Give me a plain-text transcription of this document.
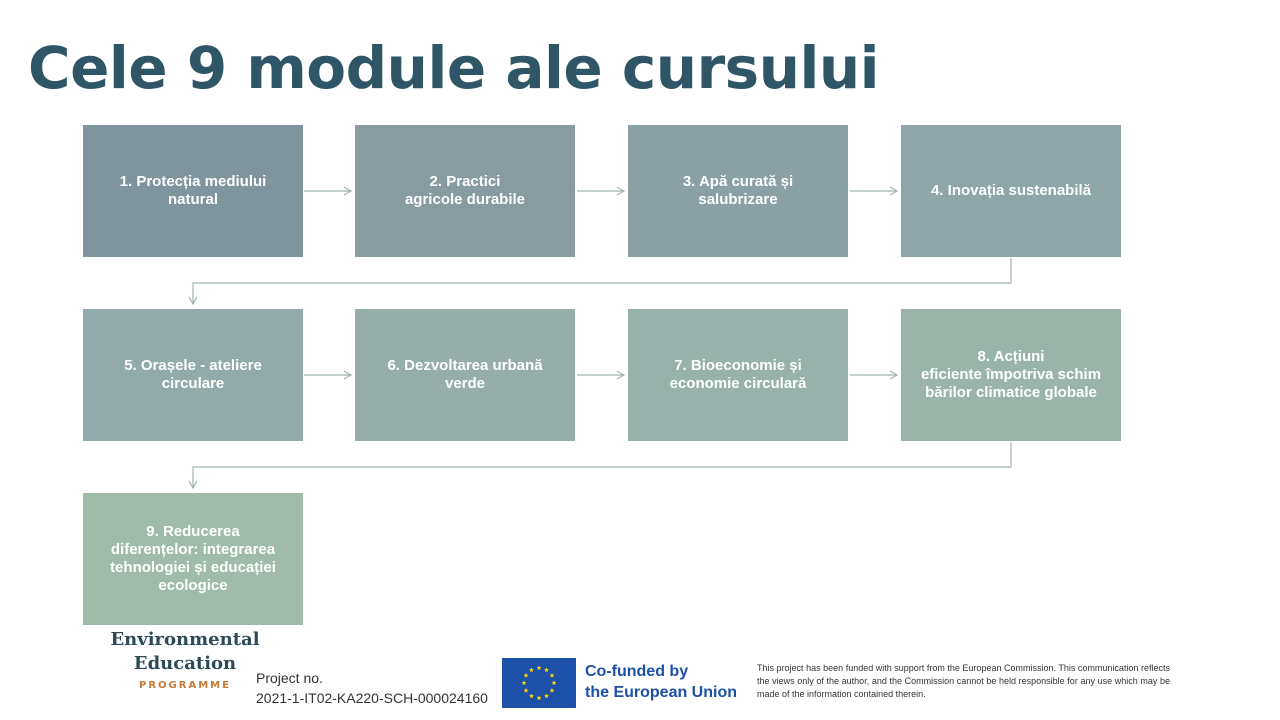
Cele 9 module ale cursului
1. Protecția mediului
natural
2. Practici
agricole durabile
3. Apă curată și
salubrizare
4. Inovația sustenabilă
5. Orașele - ateliere
circulare
6. Dezvoltarea urbană
verde
7. Bioeconomie și
economie circulară
8. Acțiuni
eficiente împotriva schim
bărilor climatice globale
9. Reducerea
diferențelor: integrarea
tehnologiei și educației
ecologice
Environmental
Education
PROGRAMME	Project no.
2021-1-IT02-KA220-SCH-000024160
Co-funded by
the European Union
This project has been funded with support from the European Commission. This communication reflects the views only of the author, and the Commission cannot be held responsible for any use which may be made of the information contained therein.
